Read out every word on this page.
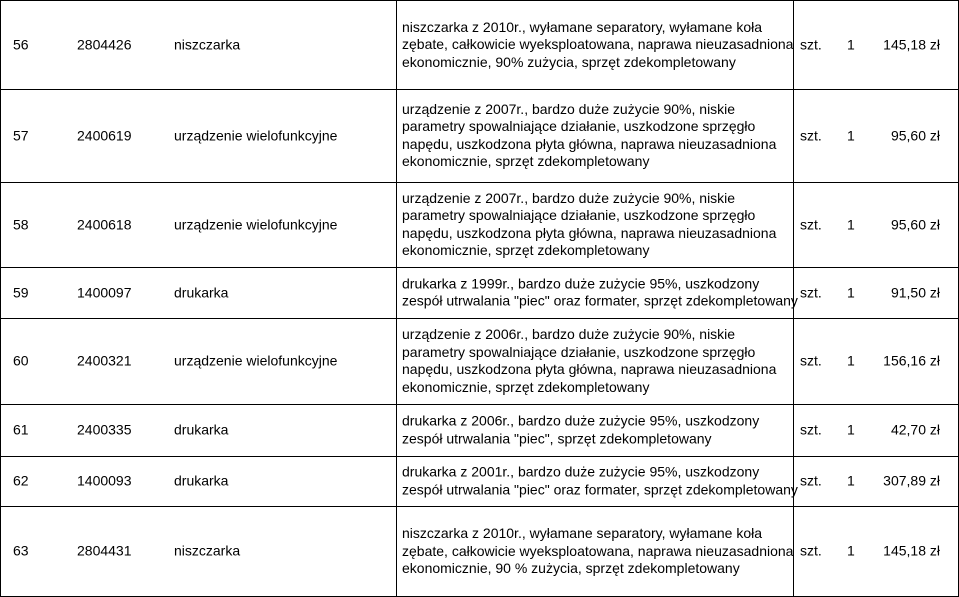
56	2804426	niszczarka
niszczarka z 2010r., wyłamane separatory, wyłamane koła
zębate, całkowicie wyeksploatowana, naprawa nieuzasadniona
ekonomicznie, 90% zużycia, sprzęt zdekompletowany
szt. 1 145,18 zł
57	2400619	urządzenie wielofunkcyjne
urządzenie z 2007r., bardzo duże zużycie 90%, niskie
parametry spowalniające działanie, uszkodzone sprzęgło
napędu, uszkodzona płyta główna, naprawa nieuzasadniona
ekonomicznie, sprzęt zdekompletowany
szt. 1	95,60 zł
58	2400618	urządzenie wielofunkcyjne
urządzenie z 2007r., bardzo duże zużycie 90%, niskie
parametry spowalniające działanie, uszkodzone sprzęgło
napędu, uszkodzona płyta główna, naprawa nieuzasadniona
ekonomicznie, sprzęt zdekompletowany
szt. 1	95,60 zł
59	1400097	drukarka
drukarka z 1999r., bardzo duże zużycie 95%, uszkodzony
zespół utrwalania "piec" oraz formater, sprzęt zdekompletowany
szt. 1	91,50 zł
60	2400321	urządzenie wielofunkcyjne
urządzenie z 2006r., bardzo duże zużycie 90%, niskie
parametry spowalniające działanie, uszkodzone sprzęgło
napędu, uszkodzona płyta główna, naprawa nieuzasadniona
ekonomicznie, sprzęt zdekompletowany
szt. 1 156,16 zł
61	2400335	drukarka
drukarka z 2006r., bardzo duże zużycie 95%, uszkodzony
zespół utrwalania "piec", sprzęt zdekompletowany
szt. 1	42,70 zł
62	1400093	drukarka
drukarka z 2001r., bardzo duże zużycie 95%, uszkodzony
zespół utrwalania "piec" oraz formater, sprzęt zdekompletowany
szt. 1 307,89 zł
63	2804431	niszczarka
niszczarka z 2010r., wyłamane separatory, wyłamane koła
zębate, całkowicie wyeksploatowana, naprawa nieuzasadniona
ekonomicznie, 90 % zużycia, sprzęt zdekompletowany
szt. 1 145,18 zł
